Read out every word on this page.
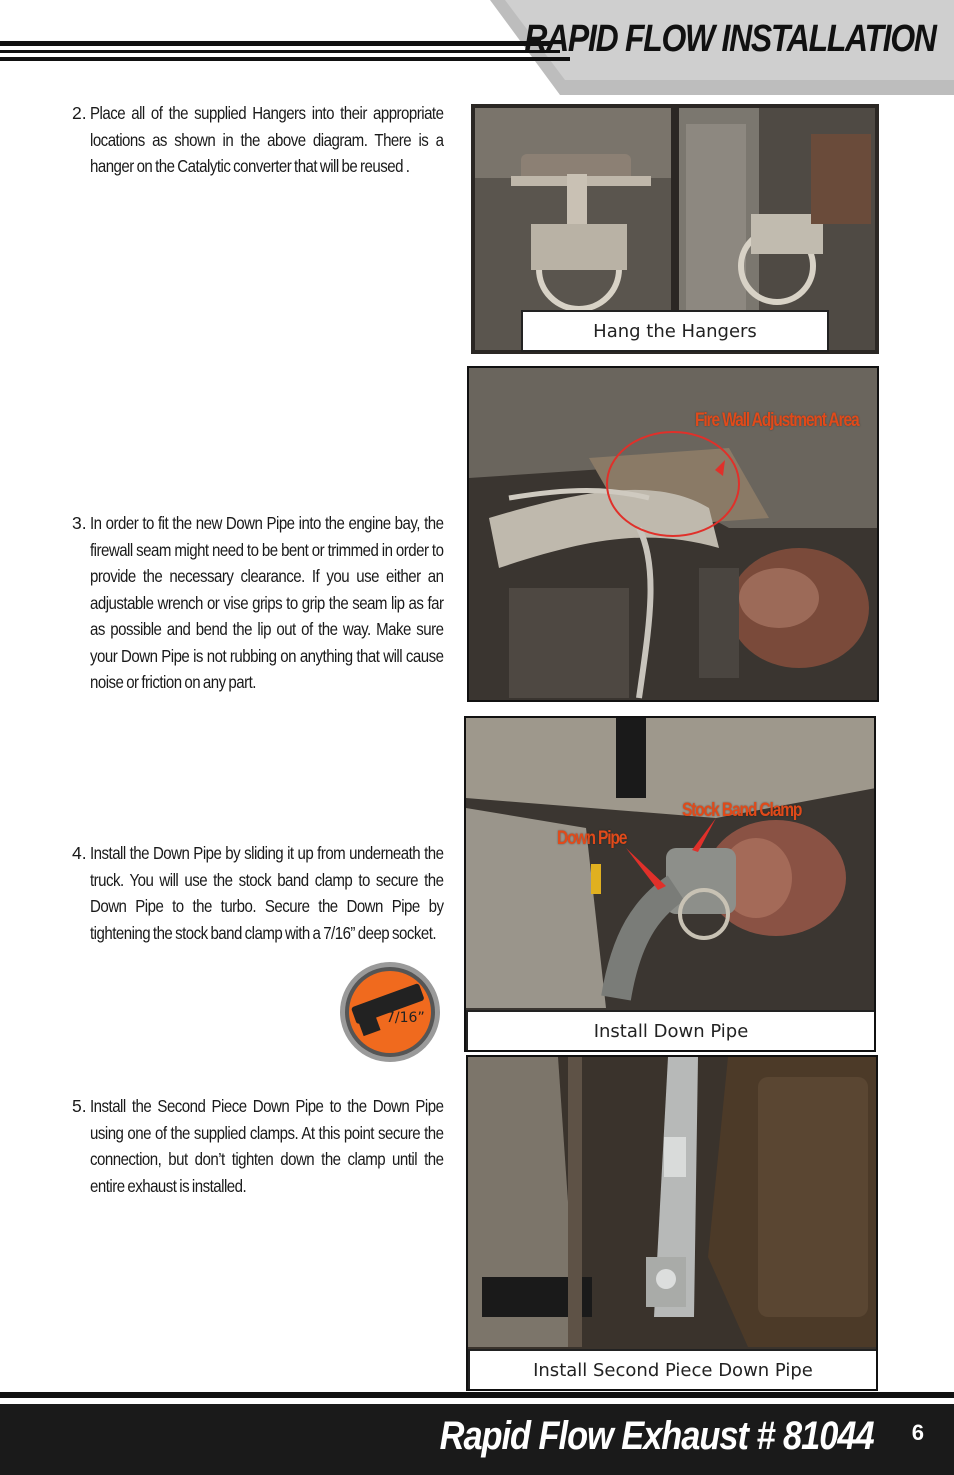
RAPID FLOW INSTALLATION
2. Place all of the supplied Hangers into their appropriate locations as shown in the above diagram. There is a hanger on the Catalytic converter that will be reused .
3. In order to fit the new Down Pipe into the engine bay, the firewall seam might need to be bent or trimmed in order to provide the necessary clearance. If you use either an adjustable wrench or vise grips to grip the seam lip as far as possible and bend the lip out of the way. Make sure your Down Pipe is not rubbing on anything that will cause noise or friction on any part.
4. Install the Down Pipe by sliding it up from underneath the truck. You will use the stock band clamp to secure the Down Pipe to the turbo. Secure the Down Pipe by tightening the stock band clamp with a 7/16” deep socket.
5. Install the Second Piece Down Pipe to the Down Pipe using one of the supplied clamps. At this point secure the connection, but don’t tighten down the clamp until the entire exhaust is installed.
Hang the Hangers
Fire Wall Adjustment Area
Stock Band Clamp
Down Pipe
Install Down Pipe
7/16”
Install Second Piece Down Pipe
Rapid Flow Exhaust # 81044 6
